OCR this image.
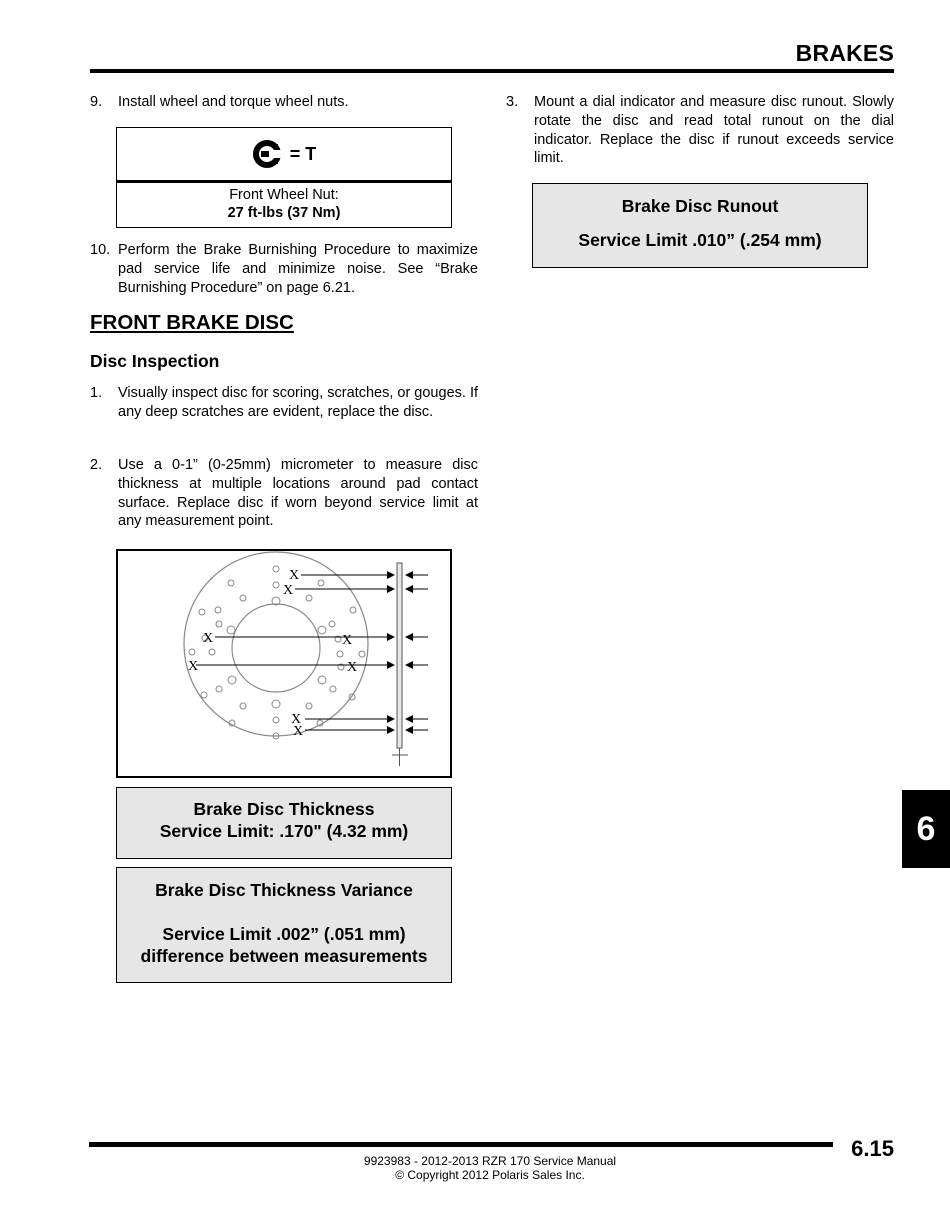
BRAKES
9.	Install wheel and torque wheel nuts.
= T
Front Wheel Nut:
27 ft-lbs (37 Nm)
10. Perform the Brake Burnishing Procedure to maximize pad service life and minimize noise. See “Brake Burnishing Procedure” on page 6.21.
FRONT BRAKE DISC
Disc Inspection
1.	Visually inspect disc for scoring, scratches, or gouges. If any deep scratches are evident, replace the disc.
2.	Use a 0-1” (0-25mm) micrometer to measure disc thickness at multiple locations around pad contact surface. Replace disc if worn beyond service limit at any measurement point.
X
X
X	X
X	X
X
X
Brake Disc Thickness
Service Limit: .170" (4.32 mm)
Brake Disc Thickness Variance
Service Limit .002” (.051 mm)
difference between measurements
3.	Mount a dial indicator and measure disc runout. Slowly rotate the disc and read total runout on the dial indicator. Replace the disc if runout exceeds service limit.
Brake Disc Runout
Service Limit .010” (.254 mm)
6
6.15
9923983 - 2012-2013 RZR 170 Service Manual
© Copyright 2012 Polaris Sales Inc.
